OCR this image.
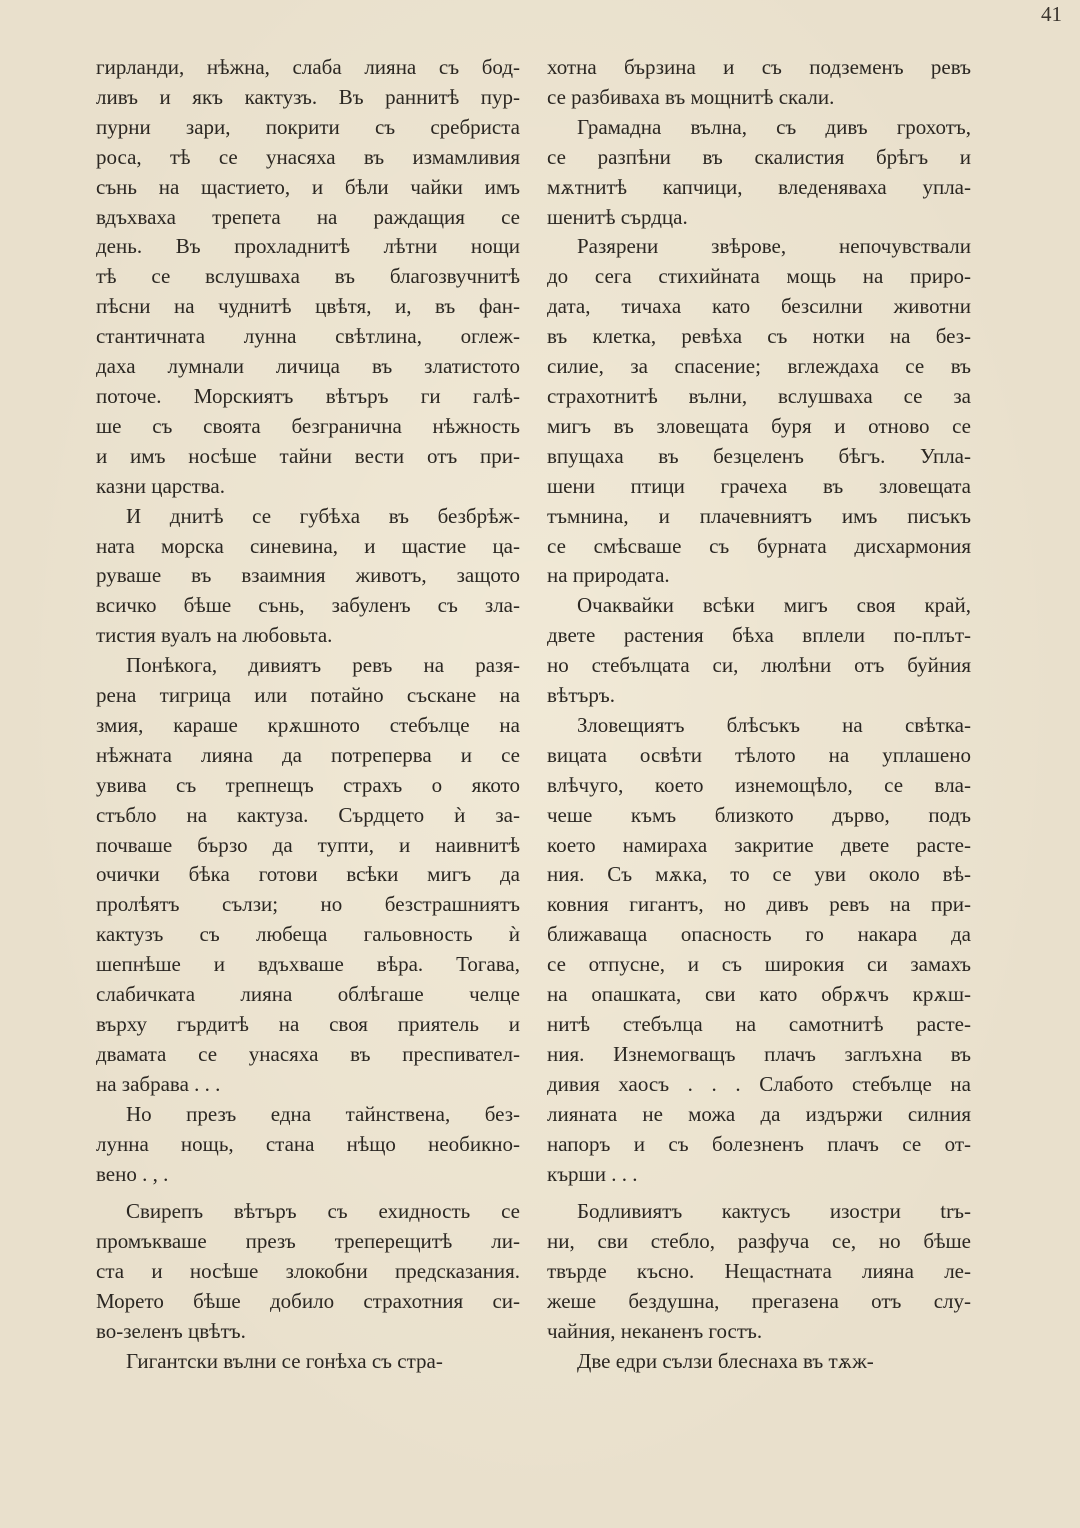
41
гирланди, нѣжна, слаба лияна съ бод-
ливъ и якъ кактузъ. Въ раннитѣ пур-
пурни зари, покрити съ сребриста
роса, тѣ се унасяха въ измамливия
сънь на щастието, и бѣли чайки имъ
вдъхваха трепета на раждащия се
день. Въ прохладнитѣ лѣтни нощи
тѣ се вслушваха въ благозвучнитѣ
пѣсни на чуднитѣ цвѣтя, и, въ фан-
стантичната лунна свѣтлина, оглеж-
даха лумнали личица въ златистото
поточе. Морскиятъ вѣтъръ ги галѣ-
ше съ своята безгранична нѣжность
и имъ носѣше тайни вести отъ при-
казни царства.
И днитѣ се губѣха въ безбрѣж-
ната морска синевина, и щастие ца-
руваше въ взаимния животъ, защото
всичко бѣше сънь, забуленъ съ зла-
тистия вуалъ на любовьта.
Понѣкога, дивиятъ ревъ на разя-
рена тигрица или потайно съскане на
змия, караше крѫшното стебълце на
нѣжната лияна да потреперва и се
увива съ трепнещъ страхъ о якото
стъбло на кактуза. Сърдцето ѝ за-
почваше бързо да тупти, и наивнитѣ
очички бѣка готови всѣки мигъ да
пролѣятъ сълзи; но безстрашниятъ
кактузъ съ любеща гальовность ѝ
шепнѣше и вдъхваше вѣра. Тогава,
слабичката лияна облѣгаше челце
върху гърдитѣ на своя приятель и
двамата се унасяха въ преспивател-
на забрава . . .
Но презъ една тайнствена, без-
лунна нощь, стана нѣщо необикно-
вено . , .
Свирепъ вѣтъръ съ ехидность се
промъкваше презъ треперещитѣ ли-
ста и носѣше злокобни предсказания.
Морето бѣше добило страхотния си-
во-зеленъ цвѣтъ.
Гигантски вълни се гонѣха съ стра-
хотна бързина и съ подземенъ ревъ
се разбиваха въ мощнитѣ скали.
Грамадна вълна, съ дивъ грохотъ,
се разпѣни въ скалистия брѣгъ и
мѫтнитѣ капчици, вледеняваха упла-
шенитѣ сърдца.
Разярени звѣрове, непочувствали
до сега стихийната мощь на приро-
дата, тичаха като безсилни животни
въ клетка, ревѣха съ нотки на без-
силие, за спасение; вглеждаха се въ
страхотнитѣ вълни, вслушваха се за
мигъ въ зловещата буря и отново се
впущаха въ безцеленъ бѣгъ. Упла-
шени птици грачеха въ зловещата
тъмнина, и плачевниятъ имъ писъкъ
се смѣсваше съ бурната дисхармония
на природата.
Очаквайки всѣки мигъ своя край,
двете растения бѣха вплели по-плът-
но стебълцата си, люлѣни отъ буйния
вѣтъръ.
Зловещиятъ блѣсъкъ на свѣтка-
вицата освѣти тѣлото на уплашено
влѣчуго, което изнемощѣло, се вла-
чеше къмъ близкото дърво, подъ
което намираха закритие двете расте-
ния. Съ мѫка, то се уви около вѣ-
ковния гигантъ, но дивъ ревъ на при-
ближаваща опасность го накара да
се отпусне, и съ широкия си замахъ
на опашката, сви като обрѫчъ крѫш-
нитѣ стебълца на самотнитѣ расте-
ния. Изнемогващъ плачъ заглъхна въ
дивия хаосъ . . . Слабото стебълце на
лияната не можа да издържи силния
напоръ и съ болезненъ плачъ се от-
кърши . . .
Бодливиятъ кактусъ изостри trъ-
ни, сви стебло, разфуча се, но бѣше
твърде късно. Нещастната лияна ле-
жеше бездушна, прегазена отъ слу-
чайния, неканенъ гостъ.
Две едри сълзи блеснаха въ тѫж-
